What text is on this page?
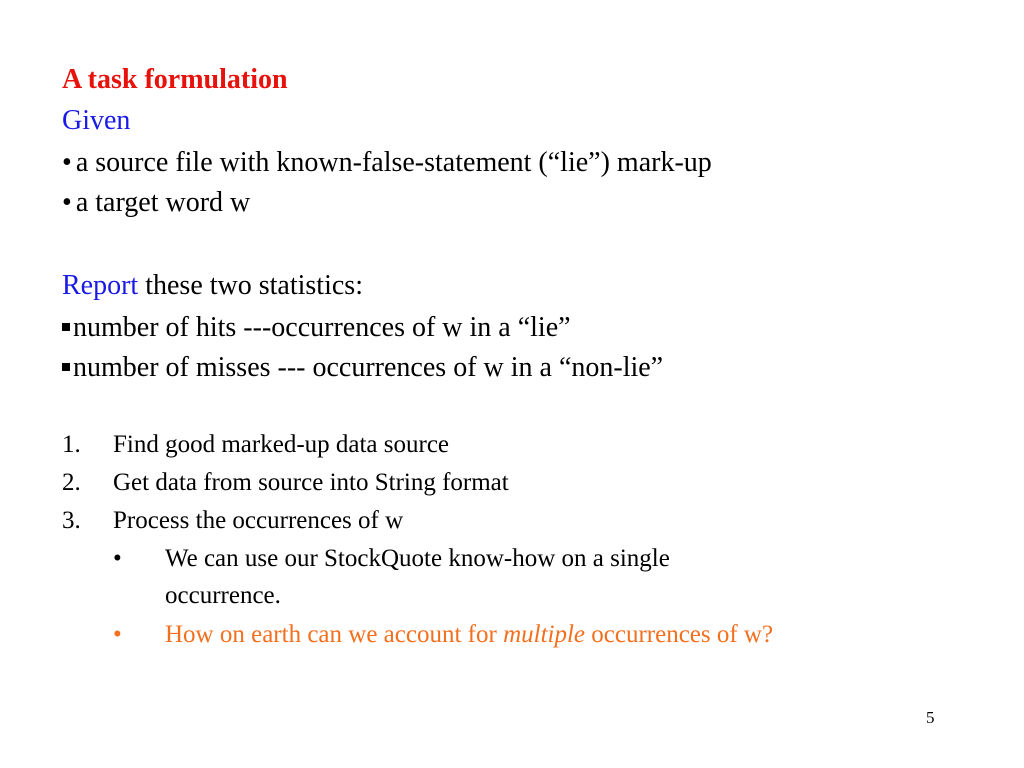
A task formulation
Given
• a source file with known-false-statement (“lie”) mark-up
• a target word w
Report these two statistics:
number of hits ---occurrences of w in a “lie”
number of misses --- occurrences of w in a “non-lie”
1. Find good marked-up data source
2. Get data from source into String format
3. Process the occurrences of w
• We can use our StockQuote know-how on a single
occurrence.
• How on earth can we account for multiple occurrences of w?
5
